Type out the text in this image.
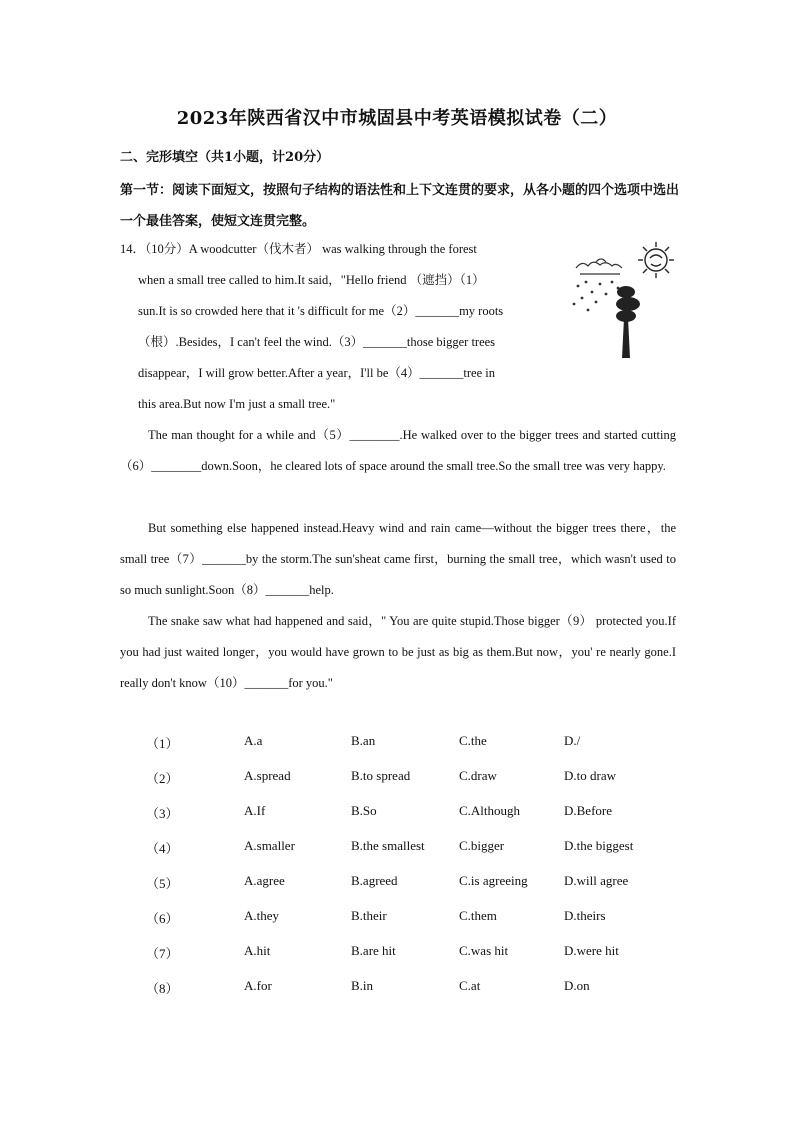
2023年陕西省汉中市城固县中考英语模拟试卷（二）
二、完形填空（共1小题，计20分）
第一节：阅读下面短文，按照句子结构的语法性和上下文连贯的要求，从各小题的四个选项中选出一个最佳答案，使短文连贯完整。
14．（10分）A woodcutter（伐木者） was walking through the forest
when a small tree called to him.It said，"Hello friend （遮挡）（1）
sun.It is so crowded here that it 's difficult for me（2）_______my roots
（根）.Besides，I can't feel the wind.（3）_______those bigger trees
disappear，I will grow better.After a year，I'll be（4）_______tree in
this area.But now I'm just a small tree."
The man thought for a while and（5）________.He walked over to the bigger trees and started cutting（6）________down.Soon，he cleared lots of space around the small tree.So the small tree was very happy.
But something else happened instead.Heavy wind and rain came—without the bigger trees there，the small tree（7）_______by the storm.The sun'sheat came first，burning the small tree，which wasn't used to so much sunlight.Soon（8）_______help.
The snake saw what had happened and said，" You are quite stupid.Those bigger（9） protected you.If you had just waited longer，you would have grown to be just as big as them.But now，you' re nearly gone.I really don't know（10）_______for you."
（1）	A.a	B.an	C.the	D./
（2）	A.spread	B.to spread	C.draw	D.to draw
（3）	A.If	B.So	C.Although	D.Before
（4）	A.smaller	B.the smallest	C.bigger	D.the biggest
（5）	A.agree	B.agreed	C.is agreeing	D.will agree
（6）	A.they	B.their	C.them	D.theirs
（7）	A.hit	B.are hit	C.was hit	D.were hit
（8）	A.for	B.in	C.at	D.on
